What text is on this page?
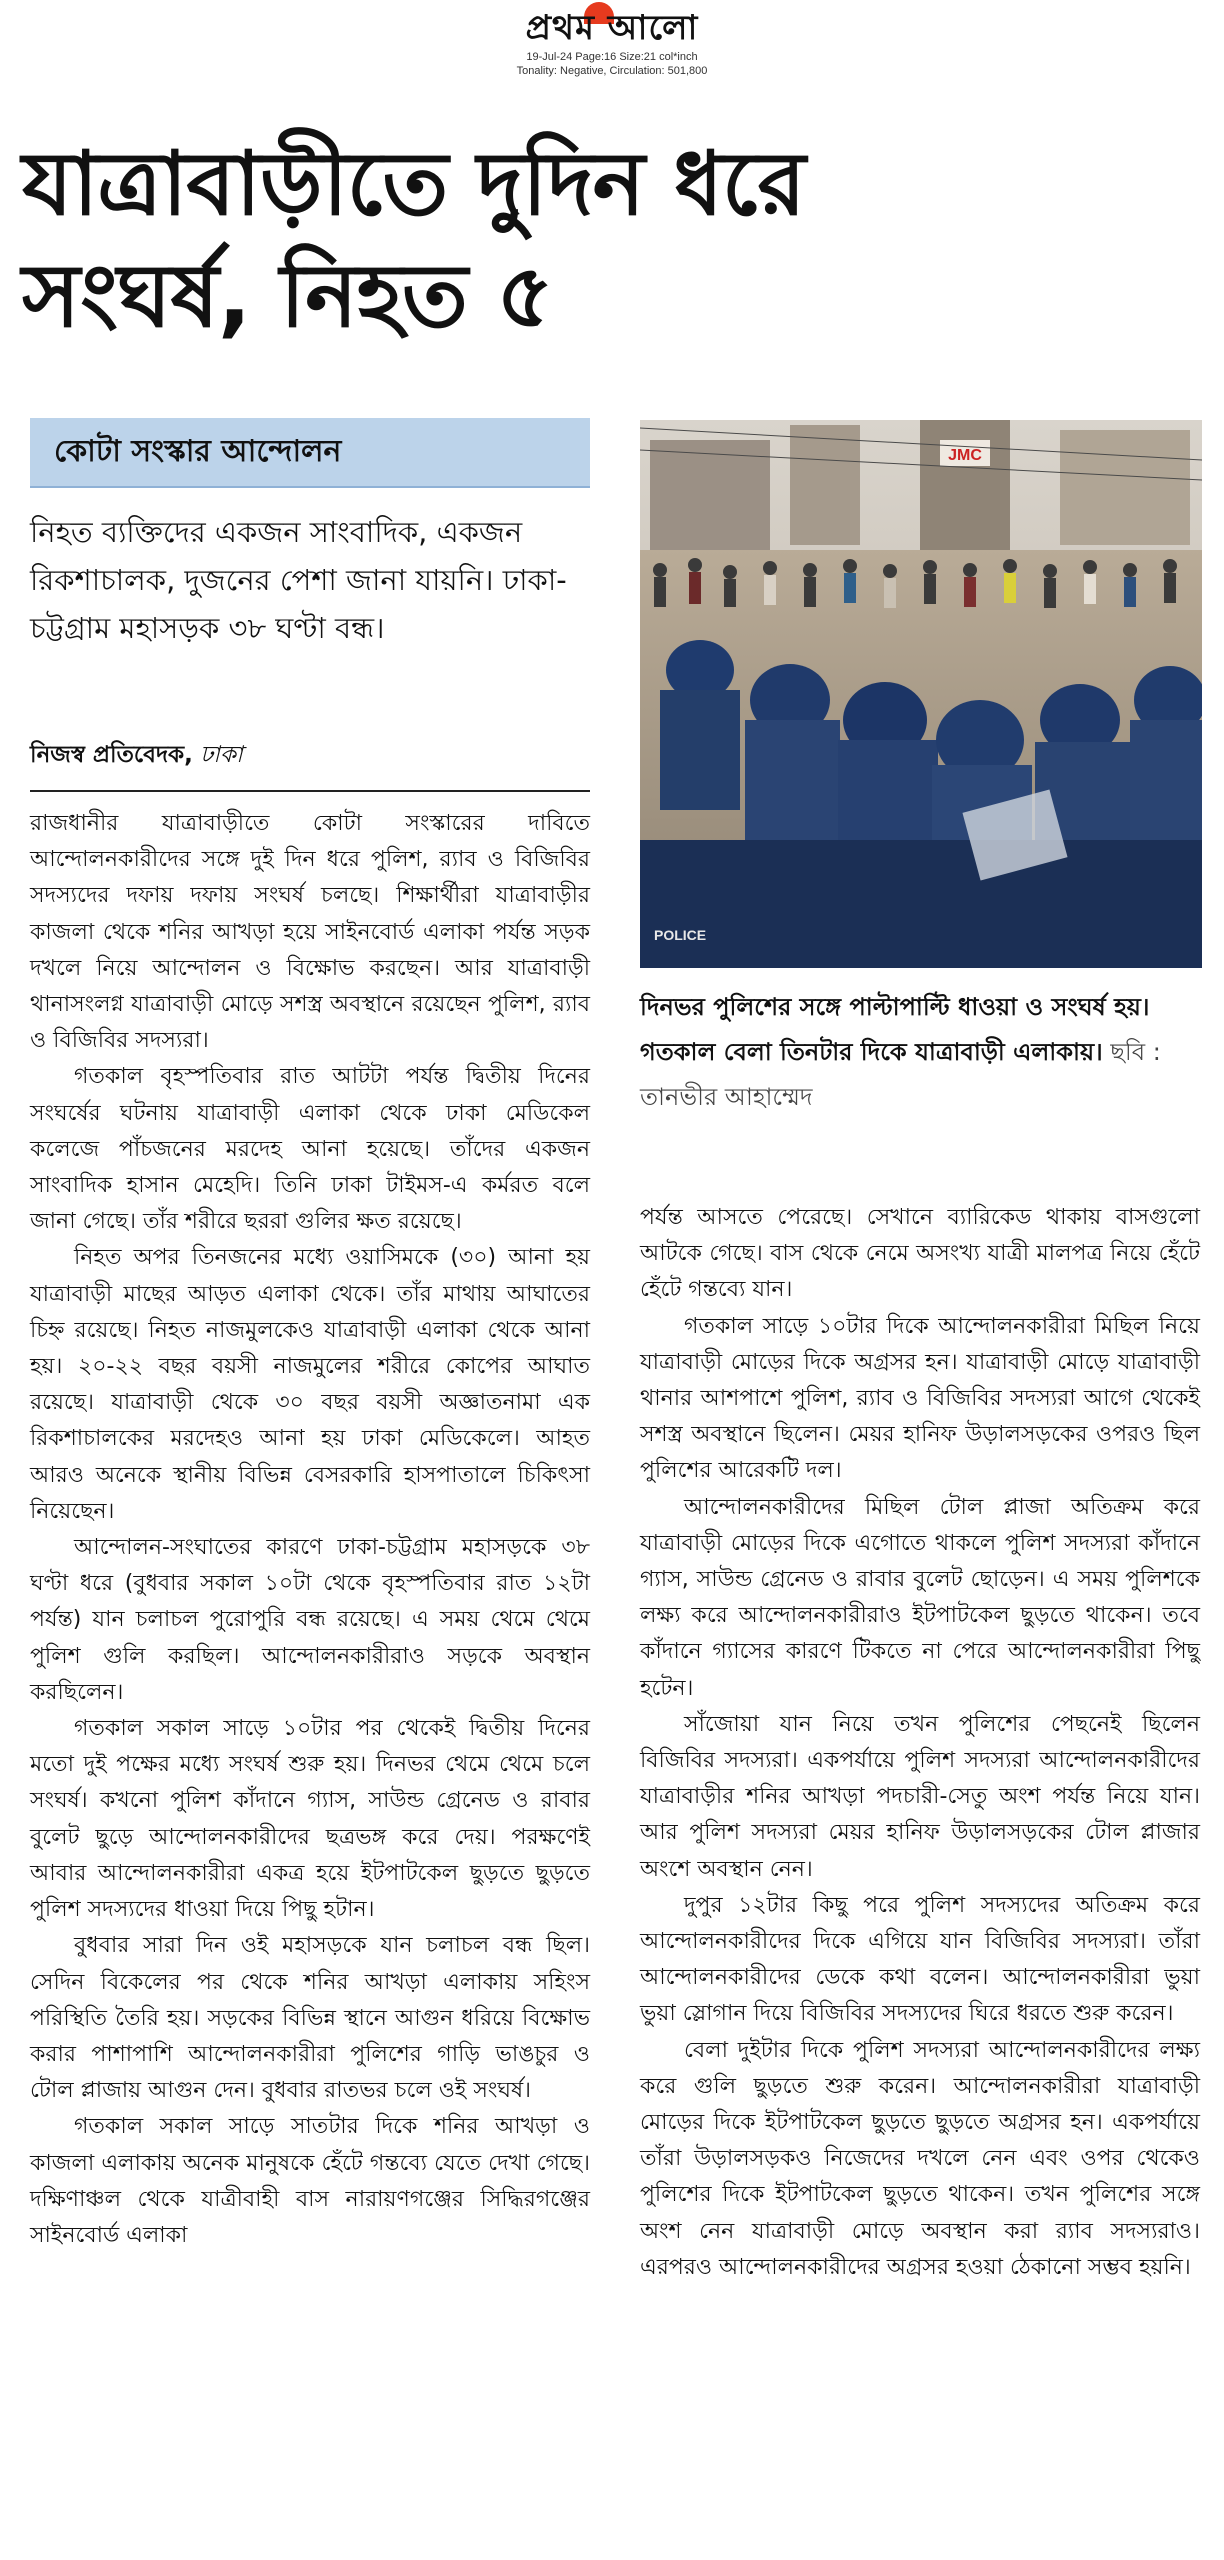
প্রথম আলো
19-Jul-24 Page:16 Size:21 col*inch
Tonality: Negative, Circulation: 501,800
যাত্রাবাড়ীতে দুদিন ধরে
সংঘর্ষ, নিহত ৫
কোটা সংস্কার আন্দোলন
নিহত ব্যক্তিদের একজন সাংবাদিক, একজন রিকশাচালক, দুজনের পেশা জানা যায়নি। ঢাকা-চট্টগ্রাম মহাসড়ক ৩৮ ঘণ্টা বন্ধ।
নিজস্ব প্রতিবেদক, ঢাকা

রাজধানীর যাত্রাবাড়ীতে কোটা সংস্কারের দাবিতে আন্দোলনকারীদের সঙ্গে দুই দিন ধরে পুলিশ, র‌্যাব ও বিজিবির সদস্যদের দফায় দফায় সংঘর্ষ চলছে। শিক্ষার্থীরা যাত্রাবাড়ীর কাজলা থেকে শনির আখড়া হয়ে সাইনবোর্ড এলাকা পর্যন্ত সড়ক দখলে নিয়ে আন্দোলন ও বিক্ষোভ করছেন। আর যাত্রাবাড়ী থানাসংলগ্ন যাত্রাবাড়ী মোড়ে সশস্ত্র অবস্থানে রয়েছেন পুলিশ, র‌্যাব ও বিজিবির সদস্যরা।

গতকাল বৃহস্পতিবার রাত আটটা পর্যন্ত দ্বিতীয় দিনের সংঘর্ষের ঘটনায় যাত্রাবাড়ী এলাকা থেকে ঢাকা মেডিকেল কলেজে পাঁচজনের মরদেহ আনা হয়েছে। তাঁদের একজন সাংবাদিক হাসান মেহেদি। তিনি ঢাকা টাইমস-এ কর্মরত বলে জানা গেছে। তাঁর শরীরে ছররা গুলির ক্ষত রয়েছে।

নিহত অপর তিনজনের মধ্যে ওয়াসিমকে (৩০) আনা হয় যাত্রাবাড়ী মাছের আড়ত এলাকা থেকে। তাঁর মাথায় আঘাতের চিহ্ন রয়েছে। নিহত নাজমুলকেও যাত্রাবাড়ী এলাকা থেকে আনা হয়। ২০-২২ বছর বয়সী নাজমুলের শরীরে কোপের আঘাত রয়েছে। যাত্রাবাড়ী থেকে ৩০ বছর বয়সী অজ্ঞাতনামা এক রিকশাচালকের মরদেহও আনা হয় ঢাকা মেডিকেলে। আহত আরও অনেকে স্থানীয় বিভিন্ন বেসরকারি হাসপাতালে চিকিৎসা নিয়েছেন।

আন্দোলন-সংঘাতের কারণে ঢাকা-চট্টগ্রাম মহাসড়কে ৩৮ ঘণ্টা ধরে (বুধবার সকাল ১০টা থেকে বৃহস্পতিবার রাত ১২টা পর্যন্ত) যান চলাচল পুরোপুরি বন্ধ রয়েছে। এ সময় থেমে থেমে পুলিশ গুলি করছিল। আন্দোলনকারীরাও সড়কে অবস্থান করছিলেন।

গতকাল সকাল সাড়ে ১০টার পর থেকেই দ্বিতীয় দিনের মতো দুই পক্ষের মধ্যে সংঘর্ষ শুরু হয়। দিনভর থেমে থেমে চলে সংঘর্ষ। কখনো পুলিশ কাঁদানে গ্যাস, সাউন্ড গ্রেনেড ও রাবার বুলেট ছুড়ে আন্দোলনকারীদের ছত্রভঙ্গ করে দেয়। পরক্ষণেই আবার আন্দোলনকারীরা একত্র হয়ে ইটপাটকেল ছুড়তে ছুড়তে পুলিশ সদস্যদের ধাওয়া দিয়ে পিছু হটান।

বুধবার সারা দিন ওই মহাসড়কে যান চলাচল বন্ধ ছিল। সেদিন বিকেলের পর থেকে শনির আখড়া এলাকায় সহিংস পরিস্থিতি তৈরি হয়। সড়কের বিভিন্ন স্থানে আগুন ধরিয়ে বিক্ষোভ করার পাশাপাশি আন্দোলনকারীরা পুলিশের গাড়ি ভাঙচুর ও টোল প্লাজায় আগুন দেন। বুধবার রাতভর চলে ওই সংঘর্ষ।

গতকাল সকাল সাড়ে সাতটার দিকে শনির আখড়া ও কাজলা এলাকায় অনেক মানুষকে হেঁটে গন্তব্যে যেতে দেখা গেছে। দক্ষিণাঞ্চল থেকে যাত্রীবাহী বাস নারায়ণগঞ্জের সিদ্ধিরগঞ্জের সাইনবোর্ড এলাকা

JMC
POLICE
দিনভর পুলিশের সঙ্গে পাল্টাপাল্টি ধাওয়া ও সংঘর্ষ হয়। গতকাল বেলা তিনটার দিকে যাত্রাবাড়ী এলাকায়। ছবি : তানভীর আহাম্মেদ

পর্যন্ত আসতে পেরেছে। সেখানে ব্যারিকেড থাকায় বাসগুলো আটকে গেছে। বাস থেকে নেমে অসংখ্য যাত্রী মালপত্র নিয়ে হেঁটে হেঁটে গন্তব্যে যান।

গতকাল সাড়ে ১০টার দিকে আন্দোলনকারীরা মিছিল নিয়ে যাত্রাবাড়ী মোড়ের দিকে অগ্রসর হন। যাত্রাবাড়ী মোড়ে যাত্রাবাড়ী থানার আশপাশে পুলিশ, র‌্যাব ও বিজিবির সদস্যরা আগে থেকেই সশস্ত্র অবস্থানে ছিলেন। মেয়র হানিফ উড়ালসড়কের ওপরও ছিল পুলিশের আরেকটি দল।

আন্দোলনকারীদের মিছিল টোল প্লাজা অতিক্রম করে যাত্রাবাড়ী মোড়ের দিকে এগোতে থাকলে পুলিশ সদস্যরা কাঁদানে গ্যাস, সাউন্ড গ্রেনেড ও রাবার বুলেট ছোড়েন। এ সময় পুলিশকে লক্ষ্য করে আন্দোলনকারীরাও ইটপাটকেল ছুড়তে থাকেন। তবে কাঁদানে গ্যাসের কারণে টিকতে না পেরে আন্দোলনকারীরা পিছু হটেন।

সাঁজোয়া যান নিয়ে তখন পুলিশের পেছনেই ছিলেন বিজিবির সদস্যরা। একপর্যায়ে পুলিশ সদস্যরা আন্দোলনকারীদের যাত্রাবাড়ীর শনির আখড়া পদচারী-সেতু অংশ পর্যন্ত নিয়ে যান। আর পুলিশ সদস্যরা মেয়র হানিফ উড়ালসড়কের টোল প্লাজার অংশে অবস্থান নেন।

দুপুর ১২টার কিছু পরে পুলিশ সদস্যদের অতিক্রম করে আন্দোলনকারীদের দিকে এগিয়ে যান বিজিবির সদস্যরা। তাঁরা আন্দোলনকারীদের ডেকে কথা বলেন। আন্দোলনকারীরা ভুয়া ভুয়া স্লোগান দিয়ে বিজিবির সদস্যদের ঘিরে ধরতে শুরু করেন।

বেলা দুইটার দিকে পুলিশ সদস্যরা আন্দোলনকারীদের লক্ষ্য করে গুলি ছুড়তে শুরু করেন। আন্দোলনকারীরা যাত্রাবাড়ী মোড়ের দিকে ইটপাটকেল ছুড়তে ছুড়তে অগ্রসর হন। একপর্যায়ে তাঁরা উড়ালসড়কও নিজেদের দখলে নেন এবং ওপর থেকেও পুলিশের দিকে ইটপাটকেল ছুড়তে থাকেন। তখন পুলিশের সঙ্গে অংশ নেন যাত্রাবাড়ী মোড়ে অবস্থান করা র‌্যাব সদস্যরাও। এরপরও আন্দোলনকারীদের অগ্রসর হওয়া ঠেকানো সম্ভব হয়নি।
